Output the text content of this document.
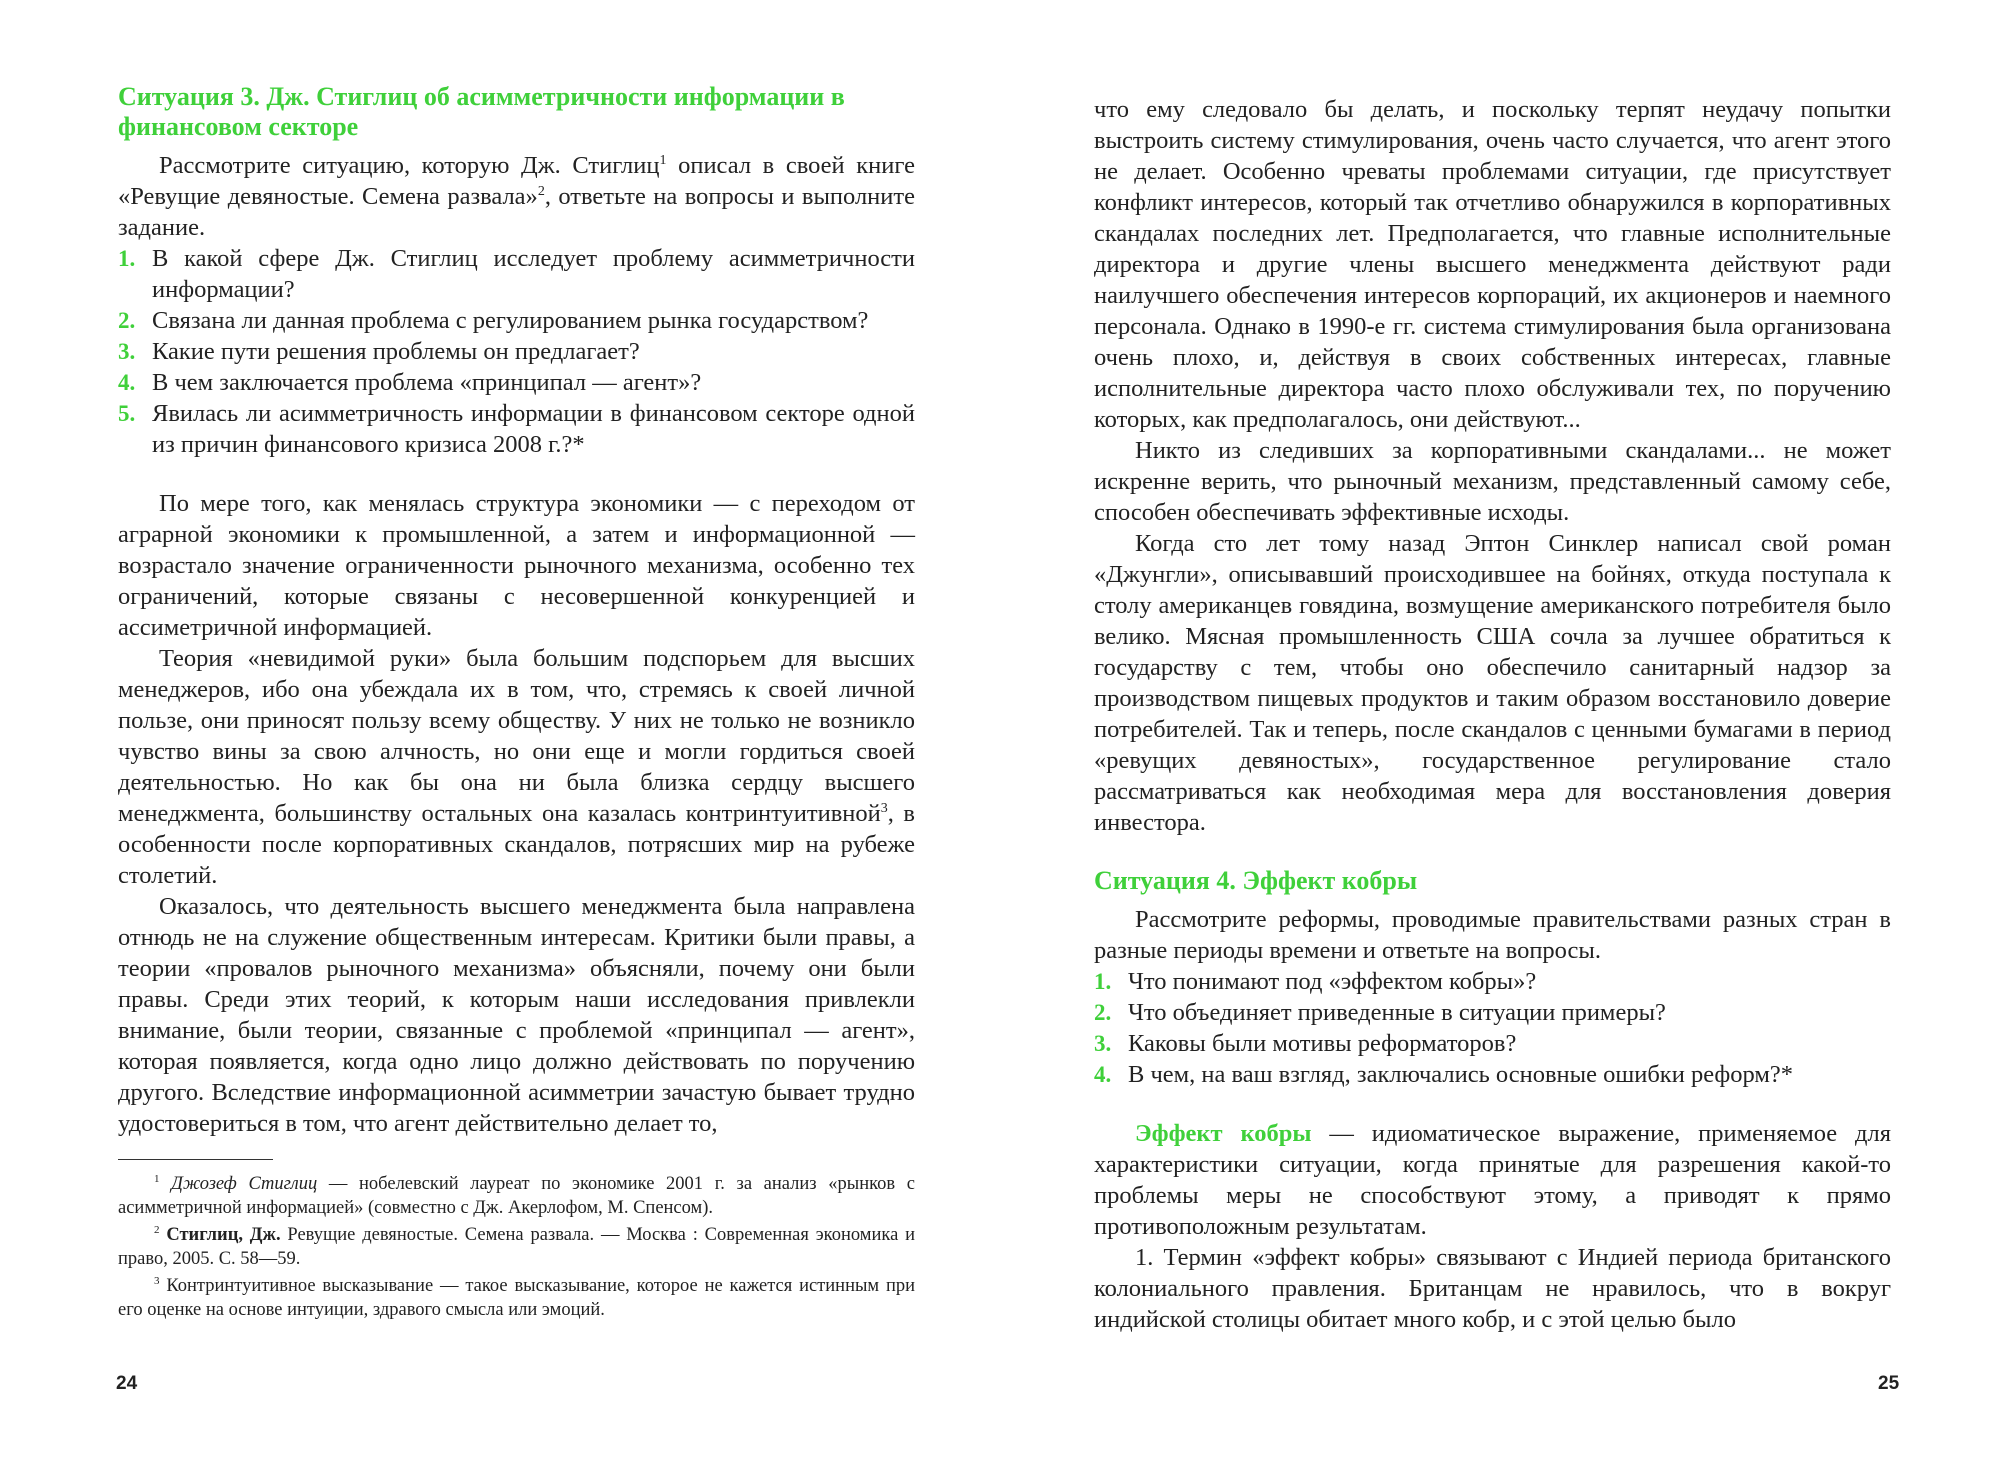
Ситуация 3. Дж. Стиглиц об асимметричности информации в финансовом секторе

Рассмотрите ситуацию, которую Дж. Стиглиц$^1$ описал в своей книге «Ревущие девяностые. Семена развала»$^2$, ответьте на вопросы и выполните задание.

1. В какой сфере Дж. Стиглиц исследует проблему асимметричности информации?
2. Связана ли данная проблема с регулированием рынка государством?
3. Какие пути решения проблемы он предлагает?
4. В чем заключается проблема «принципал — агент»?
5. Явилась ли асимметричность информации в финансовом секторе одной из причин финансового кризиса 2008 г.?*

По мере того, как менялась структура экономики — с переходом от аграрной экономики к промышленной, а затем и информационной — возрастало значение ограниченности рыночного механизма, особенно тех ограничений, которые связаны с несовершенной конкуренцией и ассиметричной информацией.

Теория «невидимой руки» была большим подспорьем для высших менеджеров, ибо она убеждала их в том, что, стремясь к своей личной пользе, они приносят пользу всему обществу. У них не только не возникло чувство вины за свою алчность, но они еще и могли гордиться своей деятельностью. Но как бы она ни была близка сердцу высшего менеджмента, большинству остальных она казалась контринтуитивной$^3$, в особенности после корпоративных скандалов, потрясших мир на рубеже столетий.

Оказалось, что деятельность высшего менеджмента была направлена отнюдь не на служение общественным интересам. Критики были правы, а теории «провалов рыночного механизма» объясняли, почему они были правы. Среди этих теорий, к которым наши исследования привлекли внимание, были теории, связанные с проблемой «принципал — агент», которая появляется, когда одно лицо должно действовать по поручению другого. Вследствие информационной асимметрии зачастую бывает трудно удостовериться в том, что агент действительно делает то,

$^1$ Джозеф Стиглиц — нобелевский лауреат по экономике 2001 г. за анализ «рынков с асимметричной информацией» (совместно с Дж. Акерлофом, М. Спенсом).

$^2$ Стиглиц, Дж. Ревущие девяностые. Семена развала. — Москва : Современная экономика и право, 2005. С. 58—59.

$^3$ Контринтуитивное высказывание — такое высказывание, которое не кажется истинным при его оценке на основе интуиции, здравого смысла или эмоций.

24

что ему следовало бы делать, и поскольку терпят неудачу попытки выстроить систему стимулирования, очень часто случается, что агент этого не делает. Особенно чреваты проблемами ситуации, где присутствует конфликт интересов, который так отчетливо обнаружился в корпоративных скандалах последних лет. Предполагается, что главные исполнительные директора и другие члены высшего менеджмента действуют ради наилучшего обеспечения интересов корпораций, их акционеров и наемного персонала. Однако в 1990-е гг. система стимулирования была организована очень плохо, и, действуя в своих собственных интересах, главные исполнительные директора часто плохо обслуживали тех, по поручению которых, как предполагалось, они действуют...

Никто из следивших за корпоративными скандалами... не может искренне верить, что рыночный механизм, представленный самому себе, способен обеспечивать эффективные исходы.

Когда сто лет тому назад Эптон Синклер написал свой роман «Джунгли», описывавший происходившее на бойнях, откуда поступала к столу американцев говядина, возмущение американского потребителя было велико. Мясная промышленность США сочла за лучшее обратиться к государству с тем, чтобы оно обеспечило санитарный надзор за производством пищевых продуктов и таким образом восстановило доверие потребителей. Так и теперь, после скандалов с ценными бумагами в период «ревущих девяностых», государственное регулирование стало рассматриваться как необходимая мера для восстановления доверия инвестора.

Ситуация 4. Эффект кобры

Рассмотрите реформы, проводимые правительствами разных стран в разные периоды времени и ответьте на вопросы.

1. Что понимают под «эффектом кобры»?
2. Что объединяет приведенные в ситуации примеры?
3. Каковы были мотивы реформаторов?
4. В чем, на ваш взгляд, заключались основные ошибки реформ?*

Эффект кобры — идиоматическое выражение, применяемое для характеристики ситуации, когда принятые для разрешения какой-то проблемы меры не способствуют этому, а приводят к прямо противоположным результатам.

1. Термин «эффект кобры» связывают с Индией периода британского колониального правления. Британцам не нравилось, что в вокруг индийской столицы обитает много кобр, и с этой целью было

25
